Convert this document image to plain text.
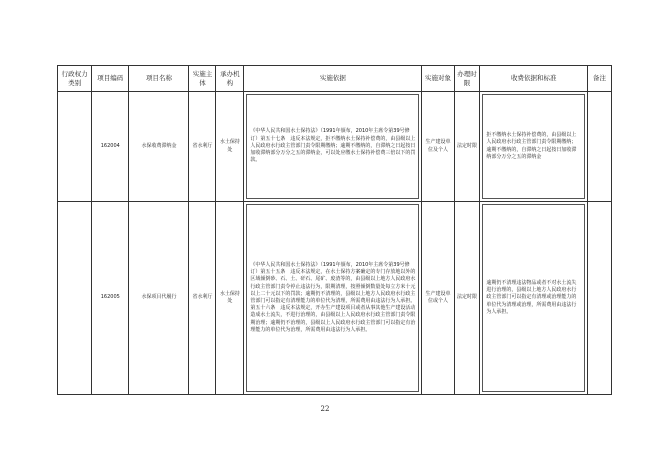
行政权力类别	项目编码	项目名称	实施主体	承办机构	实施依据	实施对象	办理时限	收费依据和标准	备注
	162004	水保收费滞纳金	省水利厅	水土保持处	《中华人民共和国水土保持法》（1991年颁布，2010年主席令第39号修订）第五十七条　违反本法规定，拒不缴纳水土保持补偿费的，由县级以上人民政府水行政主管部门责令限期缴纳；逾期不缴纳的，自滞纳之日起按日加收滞纳部分万分之五的滞纳金，可以处应缴水土保持补偿费三倍以下的罚款。	生产建设单位及个人	法定时限	拒不缴纳水土保持补偿费的，由县级以上人民政府水行政主管部门责令限期缴纳；逾期不缴纳的，自滞纳之日起按日加收滞纳部分万分之五的滞纳金	

	162005	水保项目代履行	省水利厅	水土保持处	《中华人民共和国水土保持法》（1991年颁布，2010年主席令第39号修订）第五十五条　违反本法规定，在水土保持方案确定的专门存放地以外的区域倾倒砂、石、土、矸石、尾矿、废渣等的，由县级以上地方人民政府水行政主管部门责令停止违法行为，限期清理，按照倾倒数量处每立方米十元以上二十元以下的罚款；逾期仍不清理的，县级以上地方人民政府水行政主管部门可以指定有清理能力的单位代为清理，所需费用由违法行为人承担。
第五十六条　违反本法规定，开办生产建设项目或者从事其他生产建设活动造成水土流失，不进行治理的，由县级以上人民政府水行政主管部门责令限期治理；逾期仍不治理的，县级以上人民政府水行政主管部门可以指定有治理能力的单位代为治理，所需费用由违法行为人承担。	生产建设单位或个人	法定时限	逾期仍不清理违法物品或者不对水土流失进行治理的，县级以上地方人民政府水行政主管部门可以指定有清理或治理能力的单位代为清理或治理，所需费用由违法行为人承担。	

22
